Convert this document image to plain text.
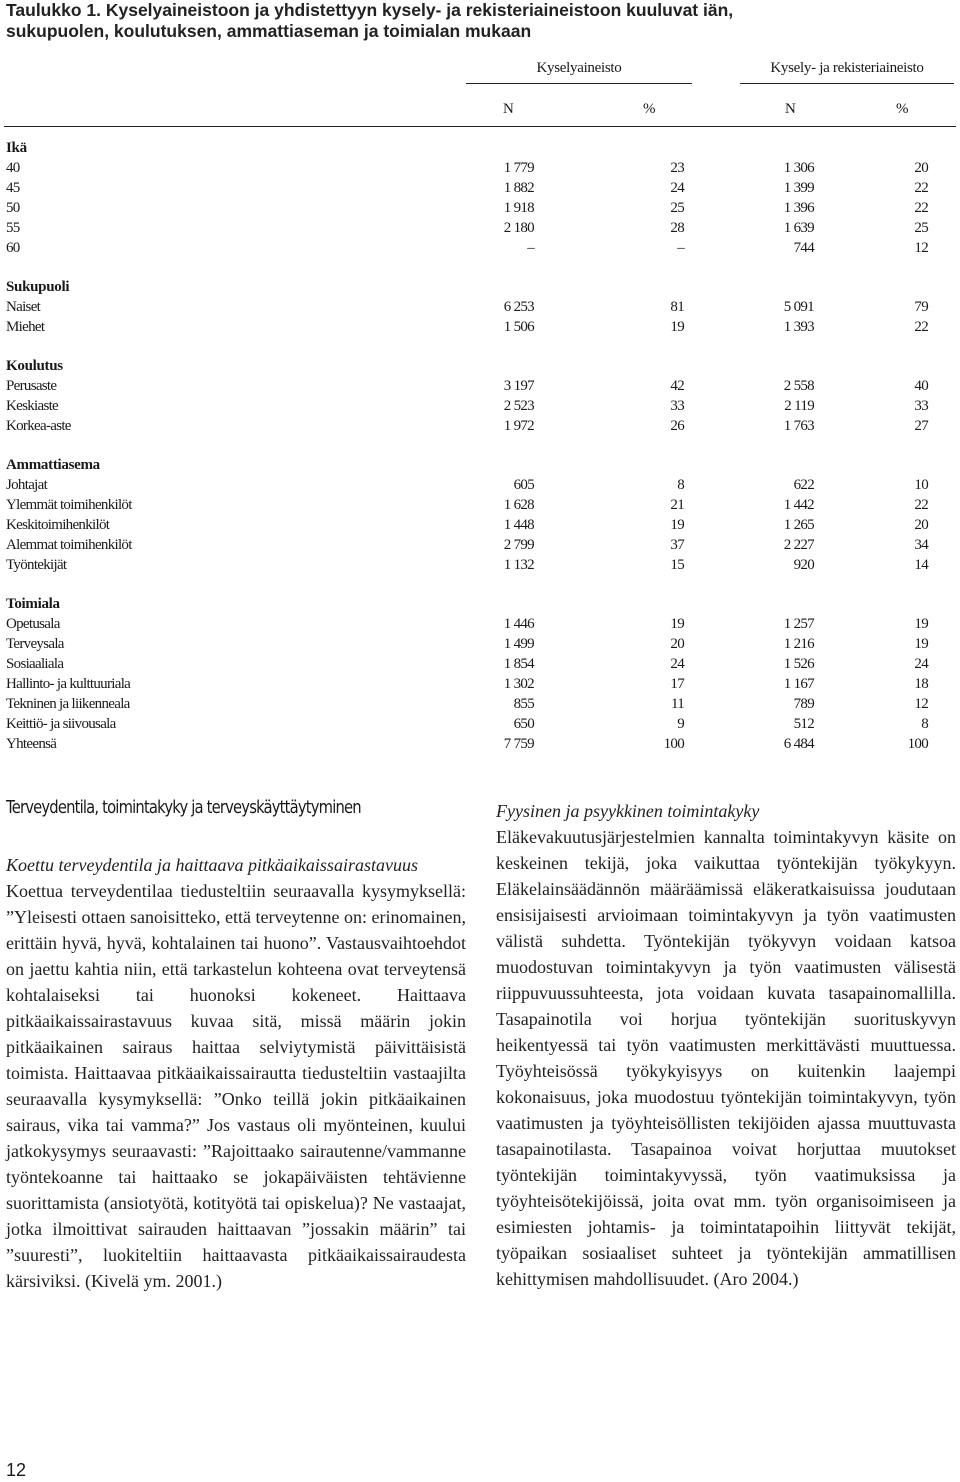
Taulukko 1. Kyselyaineistoon ja yhdistettyyn kysely- ja rekisteriaineistoon kuuluvat iän,
sukupuolen, koulutuksen, ammattiaseman ja toimialan mukaan
Kyselyaineisto	Kysely- ja rekisteriaineisto
N	%	N	%
Ikä
40	1 779	23	1 306	20
45	1 882	24	1 399	22
50	1 918	25	1 396	22
55	2 180	28	1 639	25
60	–	–	744	12
Sukupuoli
Naiset	6 253	81	5 091	79
Miehet	1 506	19	1 393	22
Koulutus
Perusaste	3 197	42	2 558	40
Keskiaste	2 523	33	2 119	33
Korkea-aste	1 972	26	1 763	27
Ammattiasema
Johtajat	605	8	622	10
Ylemmät toimihenkilöt	1 628	21	1 442	22
Keskitoimihenkilöt	1 448	19	1 265	20
Alemmat toimihenkilöt	2 799	37	2 227	34
Työntekijät	1 132	15	920	14
Toimiala
Opetusala	1 446	19	1 257	19
Terveysala	1 499	20	1 216	19
Sosiaaliala	1 854	24	1 526	24
Hallinto- ja kulttuuriala	1 302	17	1 167	18
Tekninen ja liikenneala	855	11	789	12
Keittiö- ja siivousala	650	9	512	8
Yhteensä	7 759	100	6 484	100
Terveydentila, toimintakyky ja terveyskäyttäytyminen

Koettu terveydentila ja haittaava pitkäaikaissairastavuus

Koettua terveydentilaa tiedusteltiin seuraavalla kysymyksellä: ”Yleisesti ottaen sanoisitteko, että terveytenne on: erinomainen, erittäin hyvä, hyvä, kohtalainen tai huono”. Vastausvaihtoehdot on jaettu kahtia niin, että tarkastelun kohteena ovat terveytensä kohtalaiseksi tai huonoksi kokeneet. Haittaava pitkäaikaissairastavuus kuvaa sitä, missä määrin jokin pitkäaikainen sairaus haittaa selviytymistä päivittäisistä toimista. Haittaavaa pitkäaikaissairautta tiedusteltiin vastaajilta seuraavalla kysymyksellä: ”Onko teillä jokin pitkäaikainen sairaus, vika tai vamma?” Jos vastaus oli myönteinen, kuului jatkokysymys seuraavasti: ”Rajoittaako sairautenne/vammanne työntekoanne tai haittaako se jokapäiväisten tehtävienne suorittamista (ansiotyötä, kotityötä tai opiskelua)? Ne vastaajat, jotka ilmoittivat sairauden haittaavan ”jossakin määrin” tai ”suuresti”, luokiteltiin haittaavasta pitkäaikaissairaudesta kärsiviksi. (Kivelä ym. 2001.)

Fyysinen ja psyykkinen toimintakyky

Eläkevakuutusjärjestelmien kannalta toimintakyvyn käsite on keskeinen tekijä, joka vaikuttaa työntekijän työkykyyn. Eläkelainsäädännön määräämissä eläkeratkaisuissa joudutaan ensisijaisesti arvioimaan toimintakyvyn ja työn vaatimusten välistä suhdetta. Työntekijän työkyvyn voidaan katsoa muodostuvan toimintakyvyn ja työn vaatimusten välisestä riippuvuussuhteesta, jota voidaan kuvata tasapainomallilla. Tasapainotila voi horjua työntekijän suorituskyvyn heikentyessä tai työn vaatimusten merkittävästi muuttuessa. Työyhteisössä työkykyisyys on kuitenkin laajempi kokonaisuus, joka muodostuu työntekijän toimintakyvyn, työn vaatimusten ja työyhteisöllisten tekijöiden ajassa muuttuvasta tasapainotilasta. Tasapainoa voivat horjuttaa muutokset työntekijän toimintakyvyssä, työn vaatimuksissa ja työyhteisötekijöissä, joita ovat mm. työn organisoimiseen ja esimiesten johtamis- ja toimintatapoihin liittyvät tekijät, työpaikan sosiaaliset suhteet ja työntekijän ammatillisen kehittymisen mahdollisuudet. (Aro 2004.)

12
